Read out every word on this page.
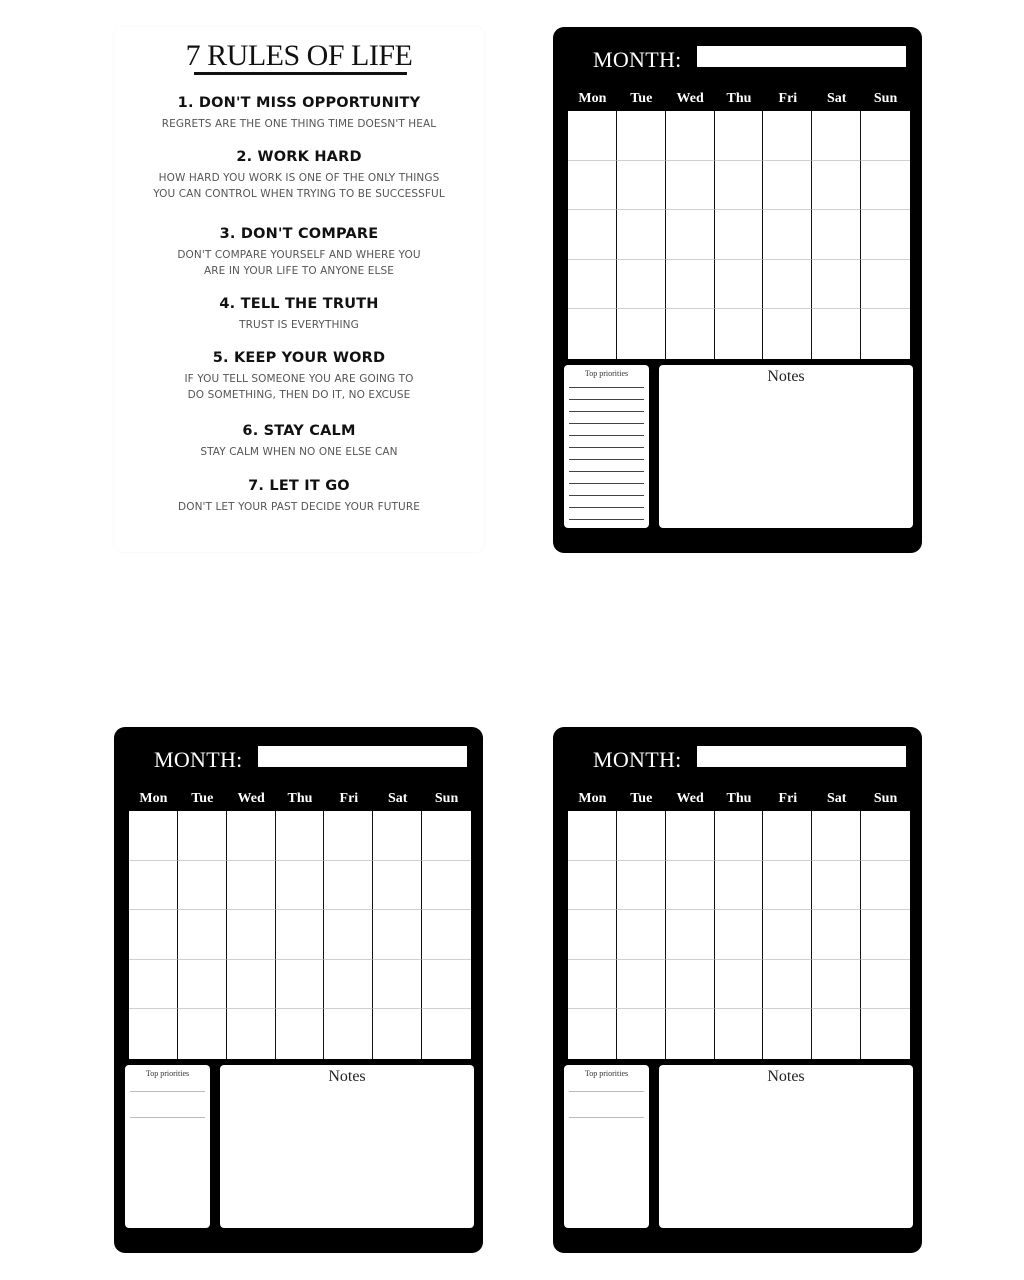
7 RULES OF LIFE
1. DON'T MISS OPPORTUNITY
REGRETS ARE THE ONE THING TIME DOESN'T HEAL
2. WORK HARD
HOW HARD YOU WORK IS ONE OF THE ONLY THINGS
YOU CAN CONTROL WHEN TRYING TO BE SUCCESSFUL
3. DON'T COMPARE
DON'T COMPARE YOURSELF AND WHERE YOU
ARE IN YOUR LIFE TO ANYONE ELSE
4. TELL THE TRUTH
TRUST IS EVERYTHING
5. KEEP YOUR WORD
IF YOU TELL SOMEONE YOU ARE GOING TO
DO SOMETHING, THEN DO IT, NO EXCUSE
6. STAY CALM
STAY CALM WHEN NO ONE ELSE CAN
7. LET IT GO
DON'T LET YOUR PAST DECIDE YOUR FUTURE
MONTH:
Mon	Tue	Wed	Thu	Fri	Sat	Sun
Top priorities	Notes
MONTH:
Mon	Tue	Wed	Thu	Fri	Sat	Sun
Top priorities	Notes
MONTH:
Mon	Tue	Wed	Thu	Fri	Sat	Sun
Top priorities	Notes
